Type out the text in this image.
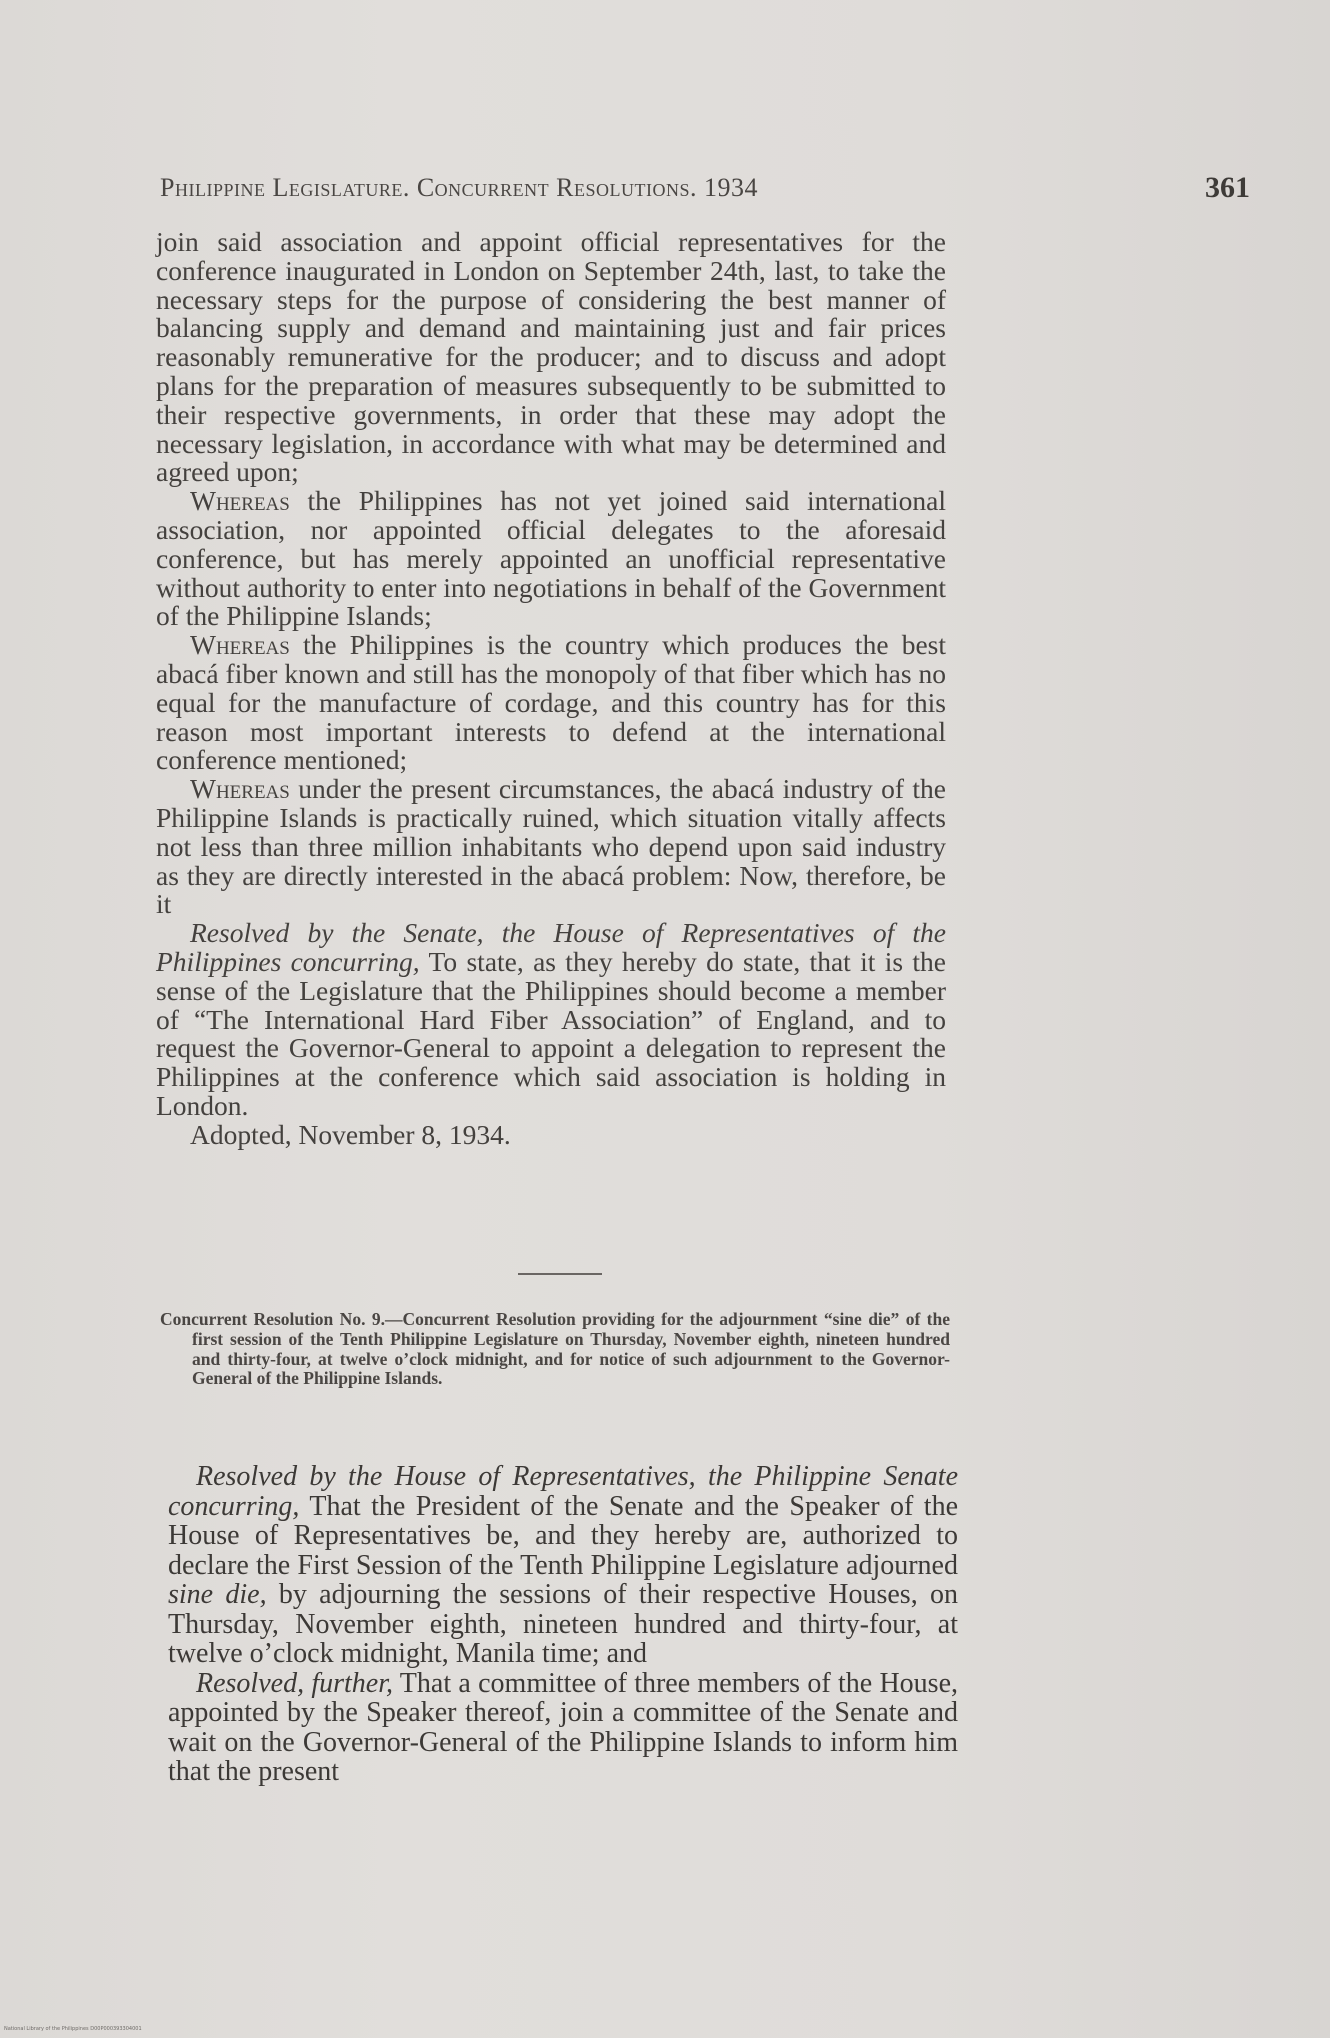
Philippine Legislature. Concurrent Resolutions. 1934	361

join said association and appoint official representatives for the conference inaugurated in London on September 24th, last, to take the necessary steps for the purpose of considering the best manner of balancing supply and demand and maintaining just and fair prices reasonably remunerative for the producer; and to discuss and adopt plans for the preparation of measures subsequently to be submitted to their respective governments, in order that these may adopt the necessary legislation, in accordance with what may be determined and agreed upon;

Whereas the Philippines has not yet joined said international association, nor appointed official delegates to the aforesaid conference, but has merely appointed an unofficial representative without authority to enter into negotiations in behalf of the Government of the Philippine Islands;

Whereas the Philippines is the country which produces the best abacá fiber known and still has the monopoly of that fiber which has no equal for the manufacture of cordage, and this country has for this reason most important interests to defend at the international conference mentioned;

Whereas under the present circumstances, the abacá industry of the Philippine Islands is practically ruined, which situation vitally affects not less than three million inhabitants who depend upon said industry as they are directly interested in the abacá problem: Now, therefore, be it

Resolved by the Senate, the House of Representatives of the Philippines concurring, To state, as they hereby do state, that it is the sense of the Legislature that the Philippines should become a member of “The International Hard Fiber Association” of England, and to request the Governor-General to appoint a delegation to represent the Philippines at the conference which said association is holding in London.

Adopted, November 8, 1934.

Concurrent Resolution No. 9.—Concurrent Resolution providing for the adjournment “sine die” of the first session of the Tenth Philippine Legislature on Thursday, November eighth, nineteen hundred and thirty-four, at twelve o’clock midnight, and for notice of such adjournment to the Governor-General of the Philippine Islands.

Resolved by the House of Representatives, the Philippine Senate concurring, That the President of the Senate and the Speaker of the House of Representatives be, and they hereby are, authorized to declare the First Session of the Tenth Philippine Legislature adjourned sine die, by adjourning the sessions of their respective Houses, on Thursday, November eighth, nineteen hundred and thirty-four, at twelve o’clock midnight, Manila time; and

Resolved, further, That a committee of three members of the House, appointed by the Speaker thereof, join a committee of the Senate and wait on the Governor-General of the Philippine Islands to inform him that the present

National Library of the Philippines D00P000393304001
